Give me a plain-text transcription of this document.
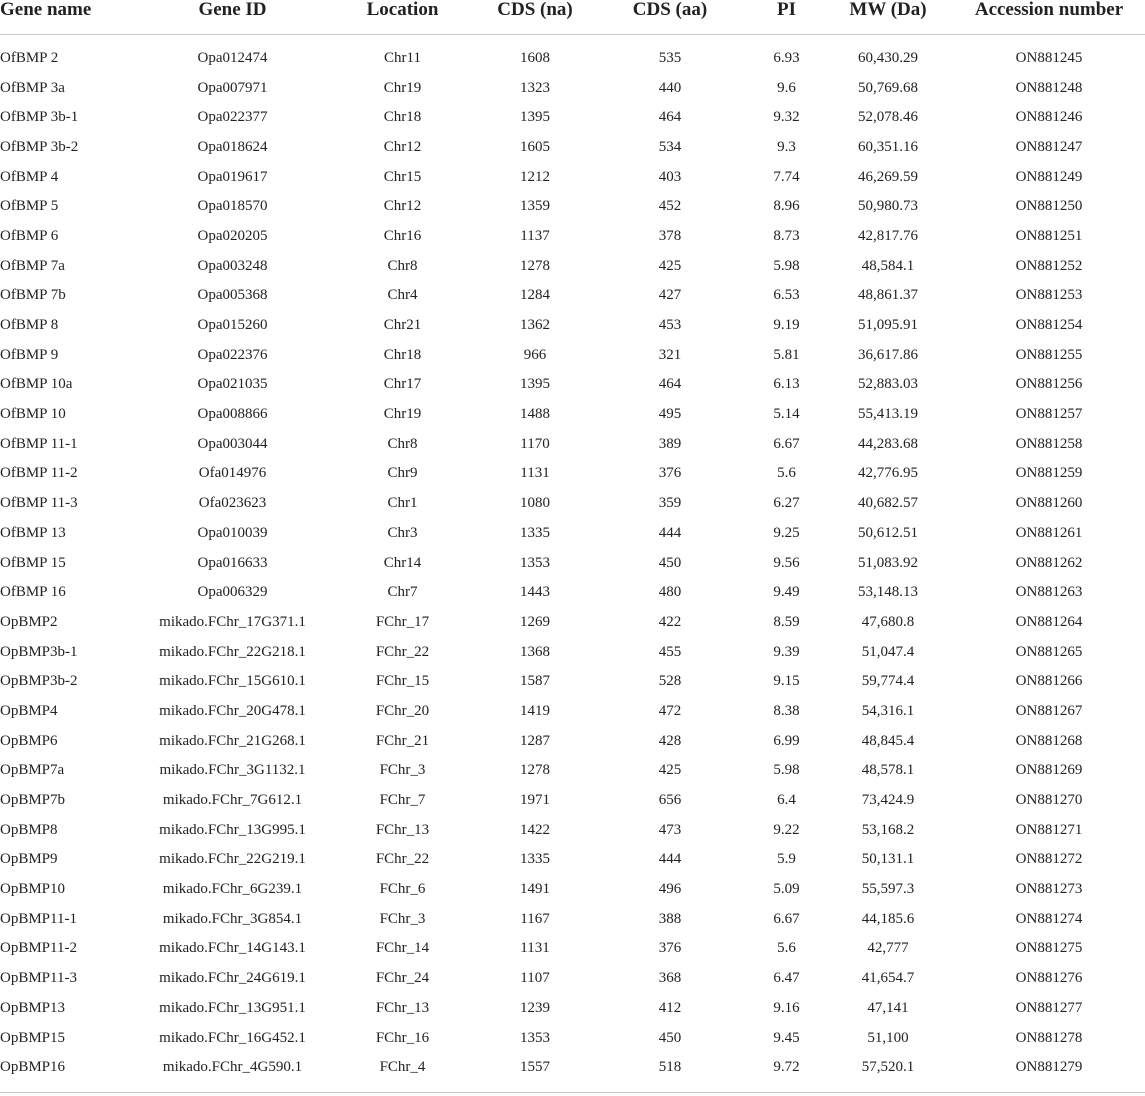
Gene name	Gene ID	Location	CDS (na)	CDS (aa)	PI	MW (Da)	Accession number
OfBMP 2	Opa012474	Chr11	1608	535	6.93	60,430.29	ON881245
OfBMP 3a	Opa007971	Chr19	1323	440	9.6	50,769.68	ON881248
OfBMP 3b-1	Opa022377	Chr18	1395	464	9.32	52,078.46	ON881246
OfBMP 3b-2	Opa018624	Chr12	1605	534	9.3	60,351.16	ON881247
OfBMP 4	Opa019617	Chr15	1212	403	7.74	46,269.59	ON881249
OfBMP 5	Opa018570	Chr12	1359	452	8.96	50,980.73	ON881250
OfBMP 6	Opa020205	Chr16	1137	378	8.73	42,817.76	ON881251
OfBMP 7a	Opa003248	Chr8	1278	425	5.98	48,584.1	ON881252
OfBMP 7b	Opa005368	Chr4	1284	427	6.53	48,861.37	ON881253
OfBMP 8	Opa015260	Chr21	1362	453	9.19	51,095.91	ON881254
OfBMP 9	Opa022376	Chr18	966	321	5.81	36,617.86	ON881255
OfBMP 10a	Opa021035	Chr17	1395	464	6.13	52,883.03	ON881256
OfBMP 10	Opa008866	Chr19	1488	495	5.14	55,413.19	ON881257
OfBMP 11-1	Opa003044	Chr8	1170	389	6.67	44,283.68	ON881258
OfBMP 11-2	Ofa014976	Chr9	1131	376	5.6	42,776.95	ON881259
OfBMP 11-3	Ofa023623	Chr1	1080	359	6.27	40,682.57	ON881260
OfBMP 13	Opa010039	Chr3	1335	444	9.25	50,612.51	ON881261
OfBMP 15	Opa016633	Chr14	1353	450	9.56	51,083.92	ON881262
OfBMP 16	Opa006329	Chr7	1443	480	9.49	53,148.13	ON881263
OpBMP2	mikado.FChr_17G371.1	FChr_17	1269	422	8.59	47,680.8	ON881264
OpBMP3b-1	mikado.FChr_22G218.1	FChr_22	1368	455	9.39	51,047.4	ON881265
OpBMP3b-2	mikado.FChr_15G610.1	FChr_15	1587	528	9.15	59,774.4	ON881266
OpBMP4	mikado.FChr_20G478.1	FChr_20	1419	472	8.38	54,316.1	ON881267
OpBMP6	mikado.FChr_21G268.1	FChr_21	1287	428	6.99	48,845.4	ON881268
OpBMP7a	mikado.FChr_3G1132.1	FChr_3	1278	425	5.98	48,578.1	ON881269
OpBMP7b	mikado.FChr_7G612.1	FChr_7	1971	656	6.4	73,424.9	ON881270
OpBMP8	mikado.FChr_13G995.1	FChr_13	1422	473	9.22	53,168.2	ON881271
OpBMP9	mikado.FChr_22G219.1	FChr_22	1335	444	5.9	50,131.1	ON881272
OpBMP10	mikado.FChr_6G239.1	FChr_6	1491	496	5.09	55,597.3	ON881273
OpBMP11-1	mikado.FChr_3G854.1	FChr_3	1167	388	6.67	44,185.6	ON881274
OpBMP11-2	mikado.FChr_14G143.1	FChr_14	1131	376	5.6	42,777	ON881275
OpBMP11-3	mikado.FChr_24G619.1	FChr_24	1107	368	6.47	41,654.7	ON881276
OpBMP13	mikado.FChr_13G951.1	FChr_13	1239	412	9.16	47,141	ON881277
OpBMP15	mikado.FChr_16G452.1	FChr_16	1353	450	9.45	51,100	ON881278
OpBMP16	mikado.FChr_4G590.1	FChr_4	1557	518	9.72	57,520.1	ON881279
